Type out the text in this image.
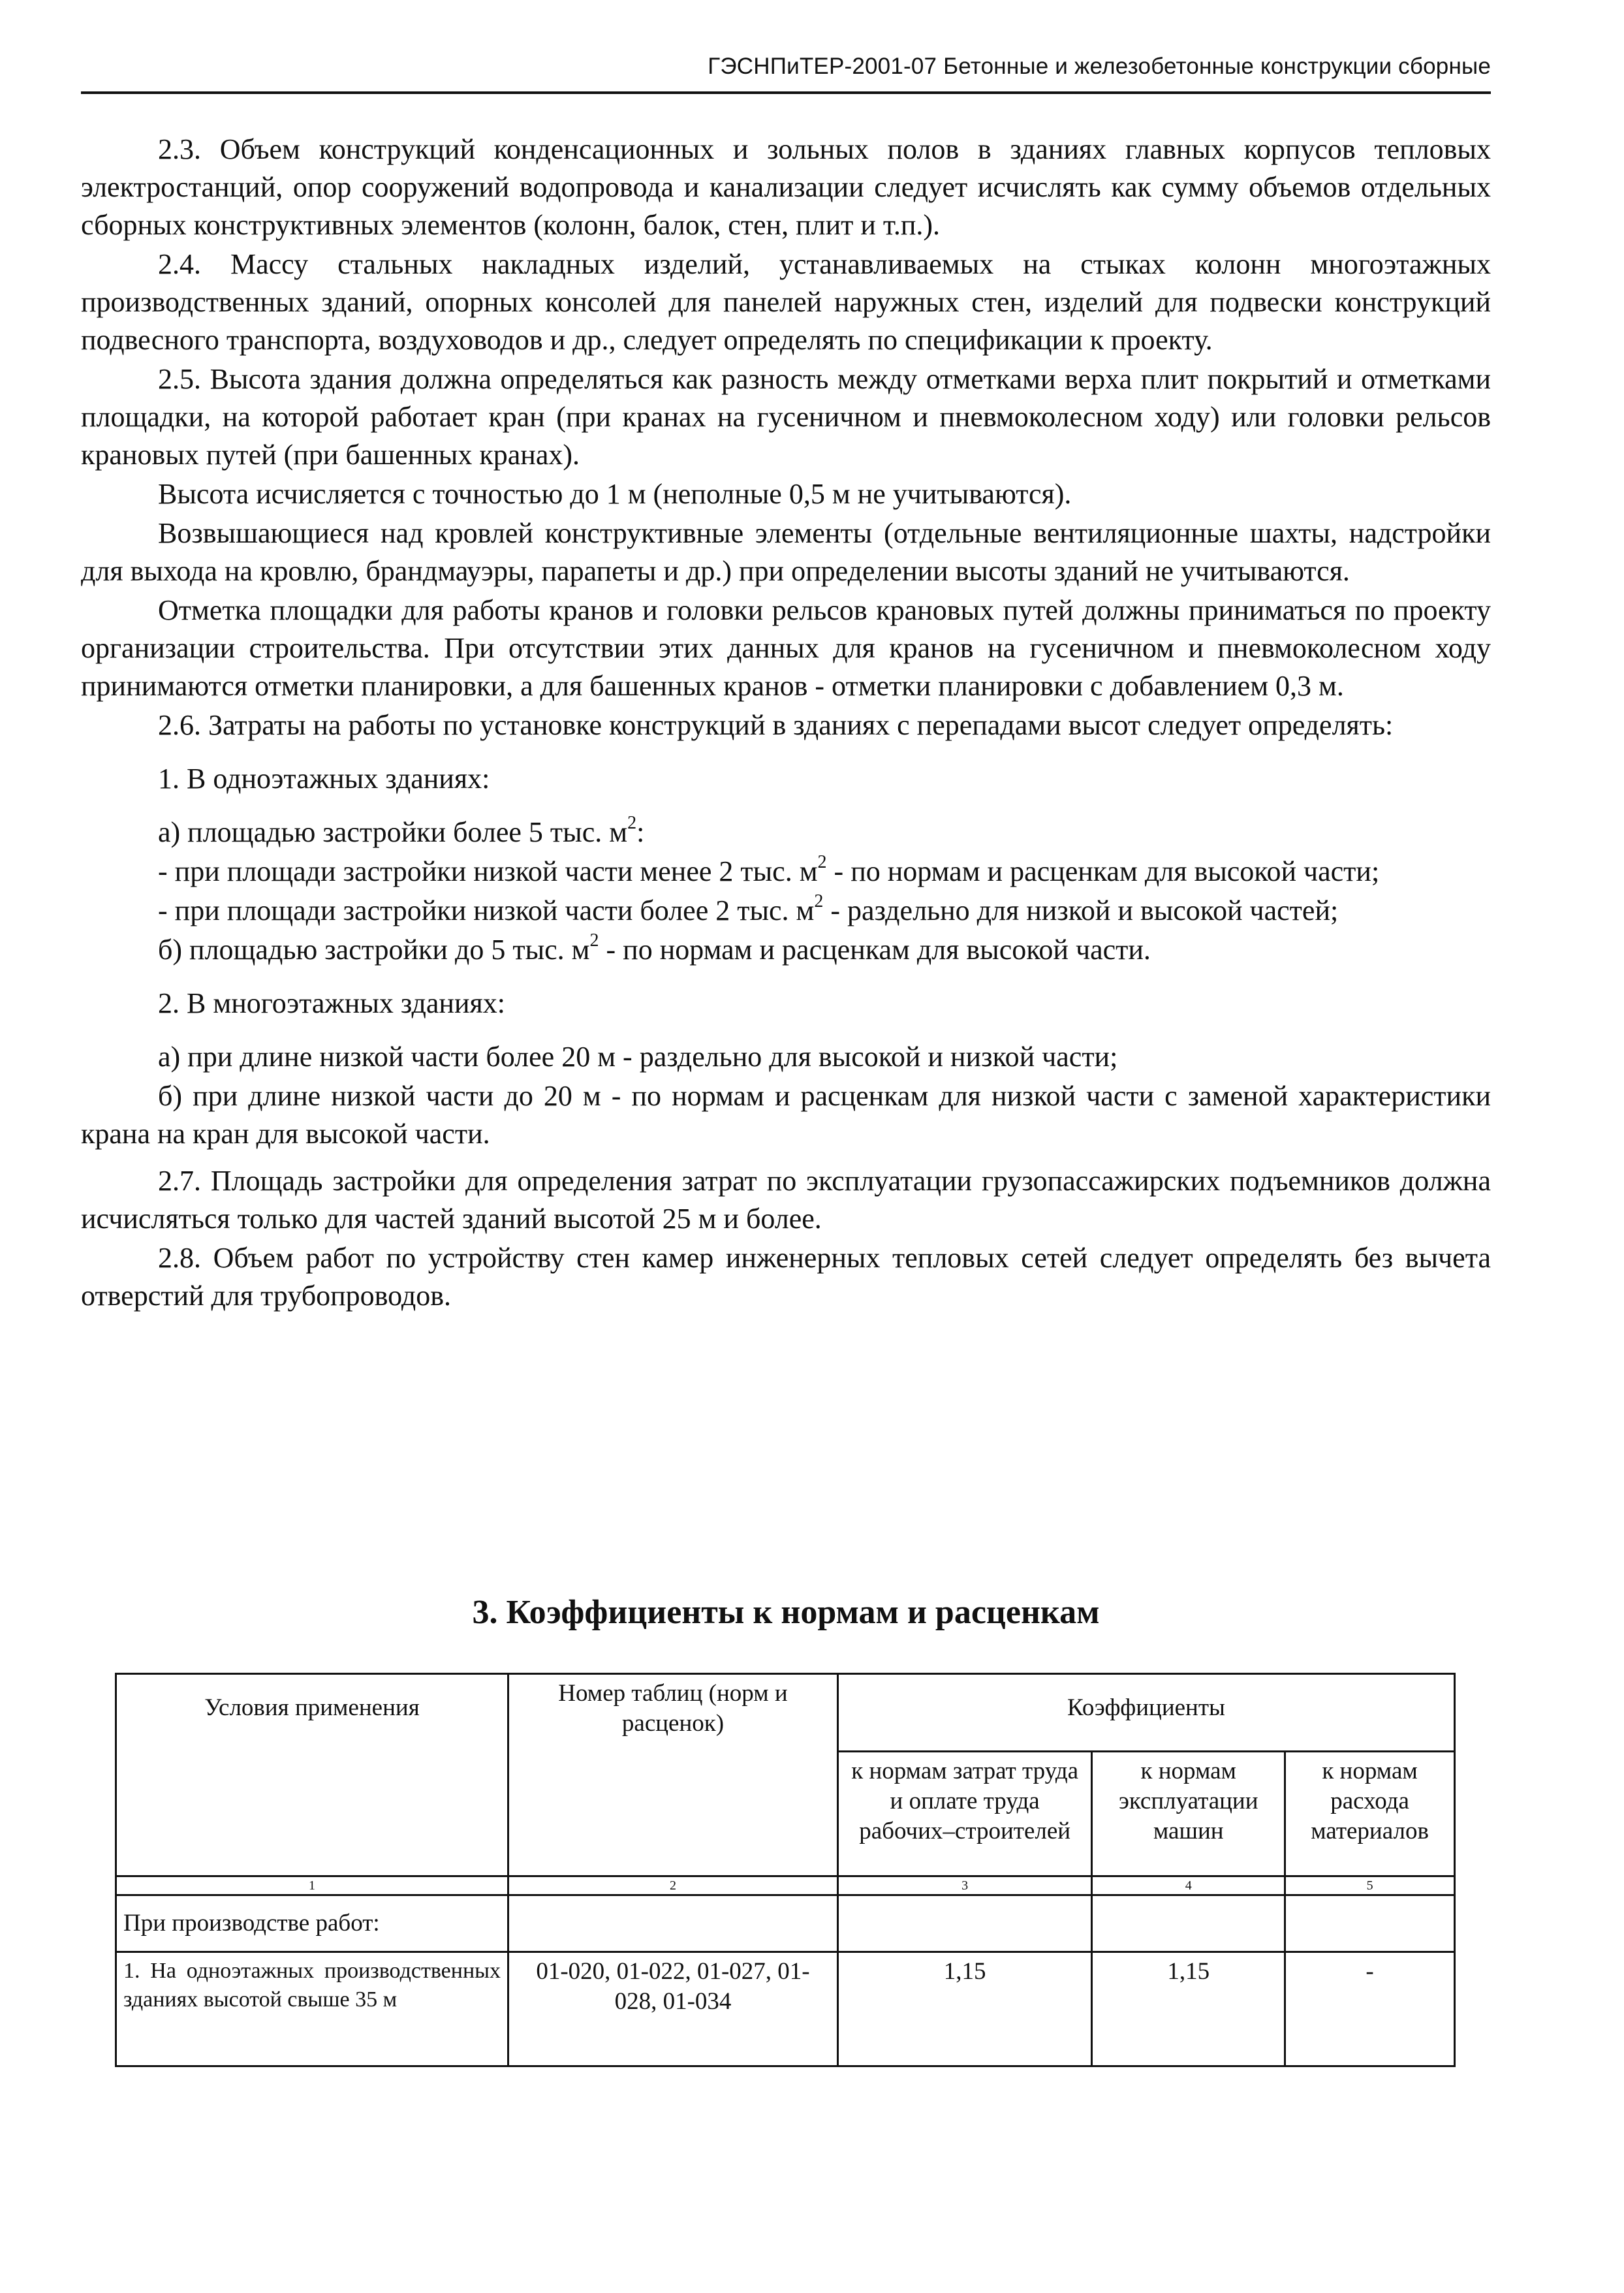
ГЭСНПиТЕР-2001-07 Бетонные и железобетонные конструкции сборные

2.3. Объем конструкций конденсационных и зольных полов в зданиях главных корпусов тепловых электростанций, опор сооружений водопровода и канализации следует исчислять как сумму объемов отдельных сборных конструктивных элементов (колонн, балок, стен, плит и т.п.).

2.4. Массу стальных накладных изделий, устанавливаемых на стыках колонн многоэтажных производственных зданий, опорных консолей для панелей наружных стен, изделий для подвески конструкций подвесного транспорта, воздуховодов и др., следует определять по спецификации к проекту.

2.5. Высота здания должна определяться как разность между отметками верха плит покрытий и отметками площадки, на которой работает кран (при кранах на гусеничном и пневмоколесном ходу) или головки рельсов крановых путей (при башенных кранах).

Высота исчисляется с точностью до 1 м (неполные 0,5 м не учитываются).

Возвышающиеся над кровлей конструктивные элементы (отдельные вентиляционные шахты, надстройки для выхода на кровлю, брандмауэры, парапеты и др.) при определении высоты зданий не учитываются.

Отметка площадки для работы кранов и головки рельсов крановых путей должны приниматься по проекту организации строительства. При отсутствии этих данных для кранов на гусеничном и пневмоколесном ходу принимаются отметки планировки, а для башенных кранов - отметки планировки с добавлением 0,3 м.

2.6. Затраты на работы по установке конструкций в зданиях с перепадами высот следует определять:

1. В одноэтажных зданиях:

а) площадью застройки более 5 тыс. $м^2$:

- при площади застройки низкой части менее 2 тыс. $м^2$ - по нормам и расценкам для высокой части;

- при площади застройки низкой части более 2 тыс. $м^2$ - раздельно для низкой и высокой частей;

б) площадью застройки до 5 тыс. $м^2$ - по нормам и расценкам для высокой части.

2. В многоэтажных зданиях:

а) при длине низкой части более 20 м - раздельно для высокой и низкой части;

б) при длине низкой части до 20 м - по нормам и расценкам для низкой части с заменой характеристики крана на кран для высокой части.

2.7. Площадь застройки для определения затрат по эксплуатации грузопассажирских подъемников должна исчисляться только для частей зданий высотой 25 м и более.

2.8. Объем работ по устройству стен камер инженерных тепловых сетей следует определять без вычета отверстий для трубопроводов.

3. Коэффициенты к нормам и расценкам
Условия применения	Номер таблиц (норм и расценок)	Коэффициенты		
		к нормам затрат труда и оплате труда рабочих–строителей	к нормам эксплуатации машин	к нормам расхода материалов
1	2	3	4	5
При производстве работ:				
1. На одноэтажных производственных зданиях высотой свыше 35 м	01-020, 01-022, 01-027, 01-028, 01-034	1,15	1,15	-
